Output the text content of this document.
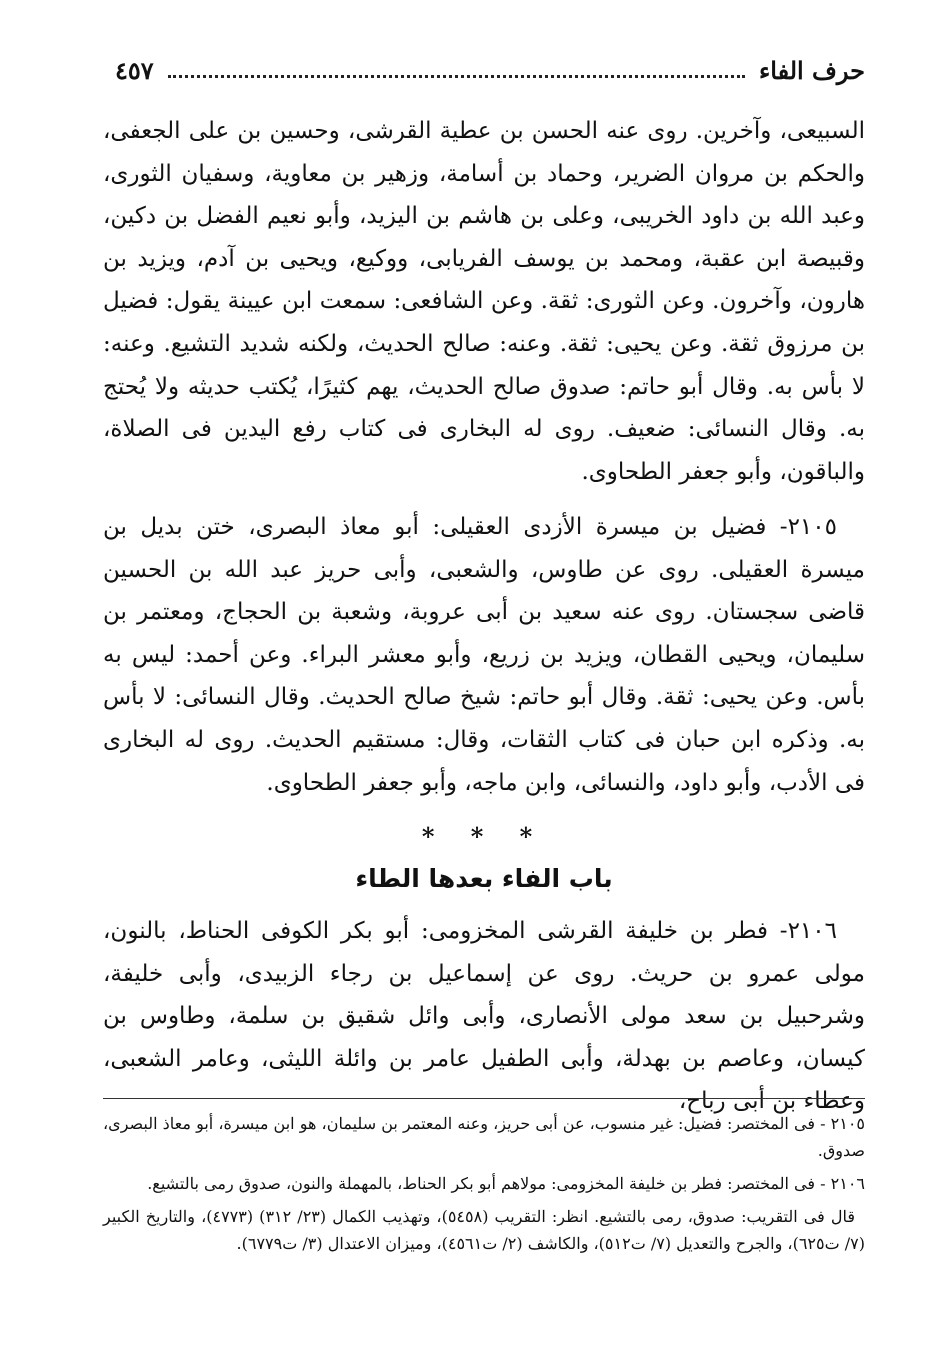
حرف الفاء
٤٥٧

السبيعى، وآخرين. روى عنه الحسن بن عطية القرشى، وحسين بن على الجعفى، والحكم بن مروان الضرير، وحماد بن أسامة، وزهير بن معاوية، وسفيان الثورى، وعبد الله بن داود الخريبى، وعلى بن هاشم بن اليزيد، وأبو نعيم الفضل بن دكين، وقبيصة ابن عقبة، ومحمد بن يوسف الفريابى، ووكيع، ويحيى بن آدم، ويزيد بن هارون، وآخرون. وعن الثورى: ثقة. وعن الشافعى: سمعت ابن عيينة يقول: فضيل بن مرزوق ثقة. وعن يحيى: ثقة. وعنه: صالح الحديث، ولكنه شديد التشيع. وعنه: لا بأس به. وقال أبو حاتم: صدوق صالح الحديث، يهم كثيرًا، يُكتب حديثه ولا يُحتج به. وقال النسائى: ضعيف. روى له البخارى فى كتاب رفع اليدين فى الصلاة، والباقون، وأبو جعفر الطحاوى.

٢١٠٥- فضيل بن ميسرة الأزدى العقيلى: أبو معاذ البصرى، ختن بديل بن ميسرة العقيلى. روى عن طاوس، والشعبى، وأبى حريز عبد الله بن الحسين قاضى سجستان. روى عنه سعيد بن أبى عروبة، وشعبة بن الحجاج، ومعتمر بن سليمان، ويحيى القطان، ويزيد بن زريع، وأبو معشر البراء. وعن أحمد: ليس به بأس. وعن يحيى: ثقة. وقال أبو حاتم: شيخ صالح الحديث. وقال النسائى: لا بأس به. وذكره ابن حبان فى كتاب الثقات، وقال: مستقيم الحديث. روى له البخارى فى الأدب، وأبو داود، والنسائى، وابن ماجه، وأبو جعفر الطحاوى.

* * *
باب الفاء بعدها الطاء

٢١٠٦- فطر بن خليفة القرشى المخزومى: أبو بكر الكوفى الحناط، بالنون، مولى عمرو بن حريث. روى عن إسماعيل بن رجاء الزبيدى، وأبى خليفة، وشرحبيل بن سعد مولى الأنصارى، وأبى وائل شقيق بن سلمة، وطاوس بن كيسان، وعاصم بن بهدلة، وأبى الطفيل عامر بن وائلة الليثى، وعامر الشعبى، وعطاء بن أبى رباح،

٢١٠٥ - فى المختصر: فضيل: غير منسوب، عن أبى حريز، وعنه المعتمر بن سليمان، هو ابن ميسرة، أبو معاذ البصرى، صدوق.

٢١٠٦ - فى المختصر: فطر بن خليفة المخزومى: مولاهم أبو بكر الحناط، بالمهملة والنون، صدوق رمى بالتشيع.

قال فى التقريب: صدوق، رمى بالتشيع. انظر: التقريب (٥٤٥٨)، وتهذيب الكمال (٢٣/ ٣١٢) (٤٧٧٣)، والتاريخ الكبير (٧/ ت٦٢٥)، والجرح والتعديل (٧/ ت٥١٢)، والكاشف (٢/ ت٤٥٦١)، وميزان الاعتدال (٣/ ت٦٧٧٩).
